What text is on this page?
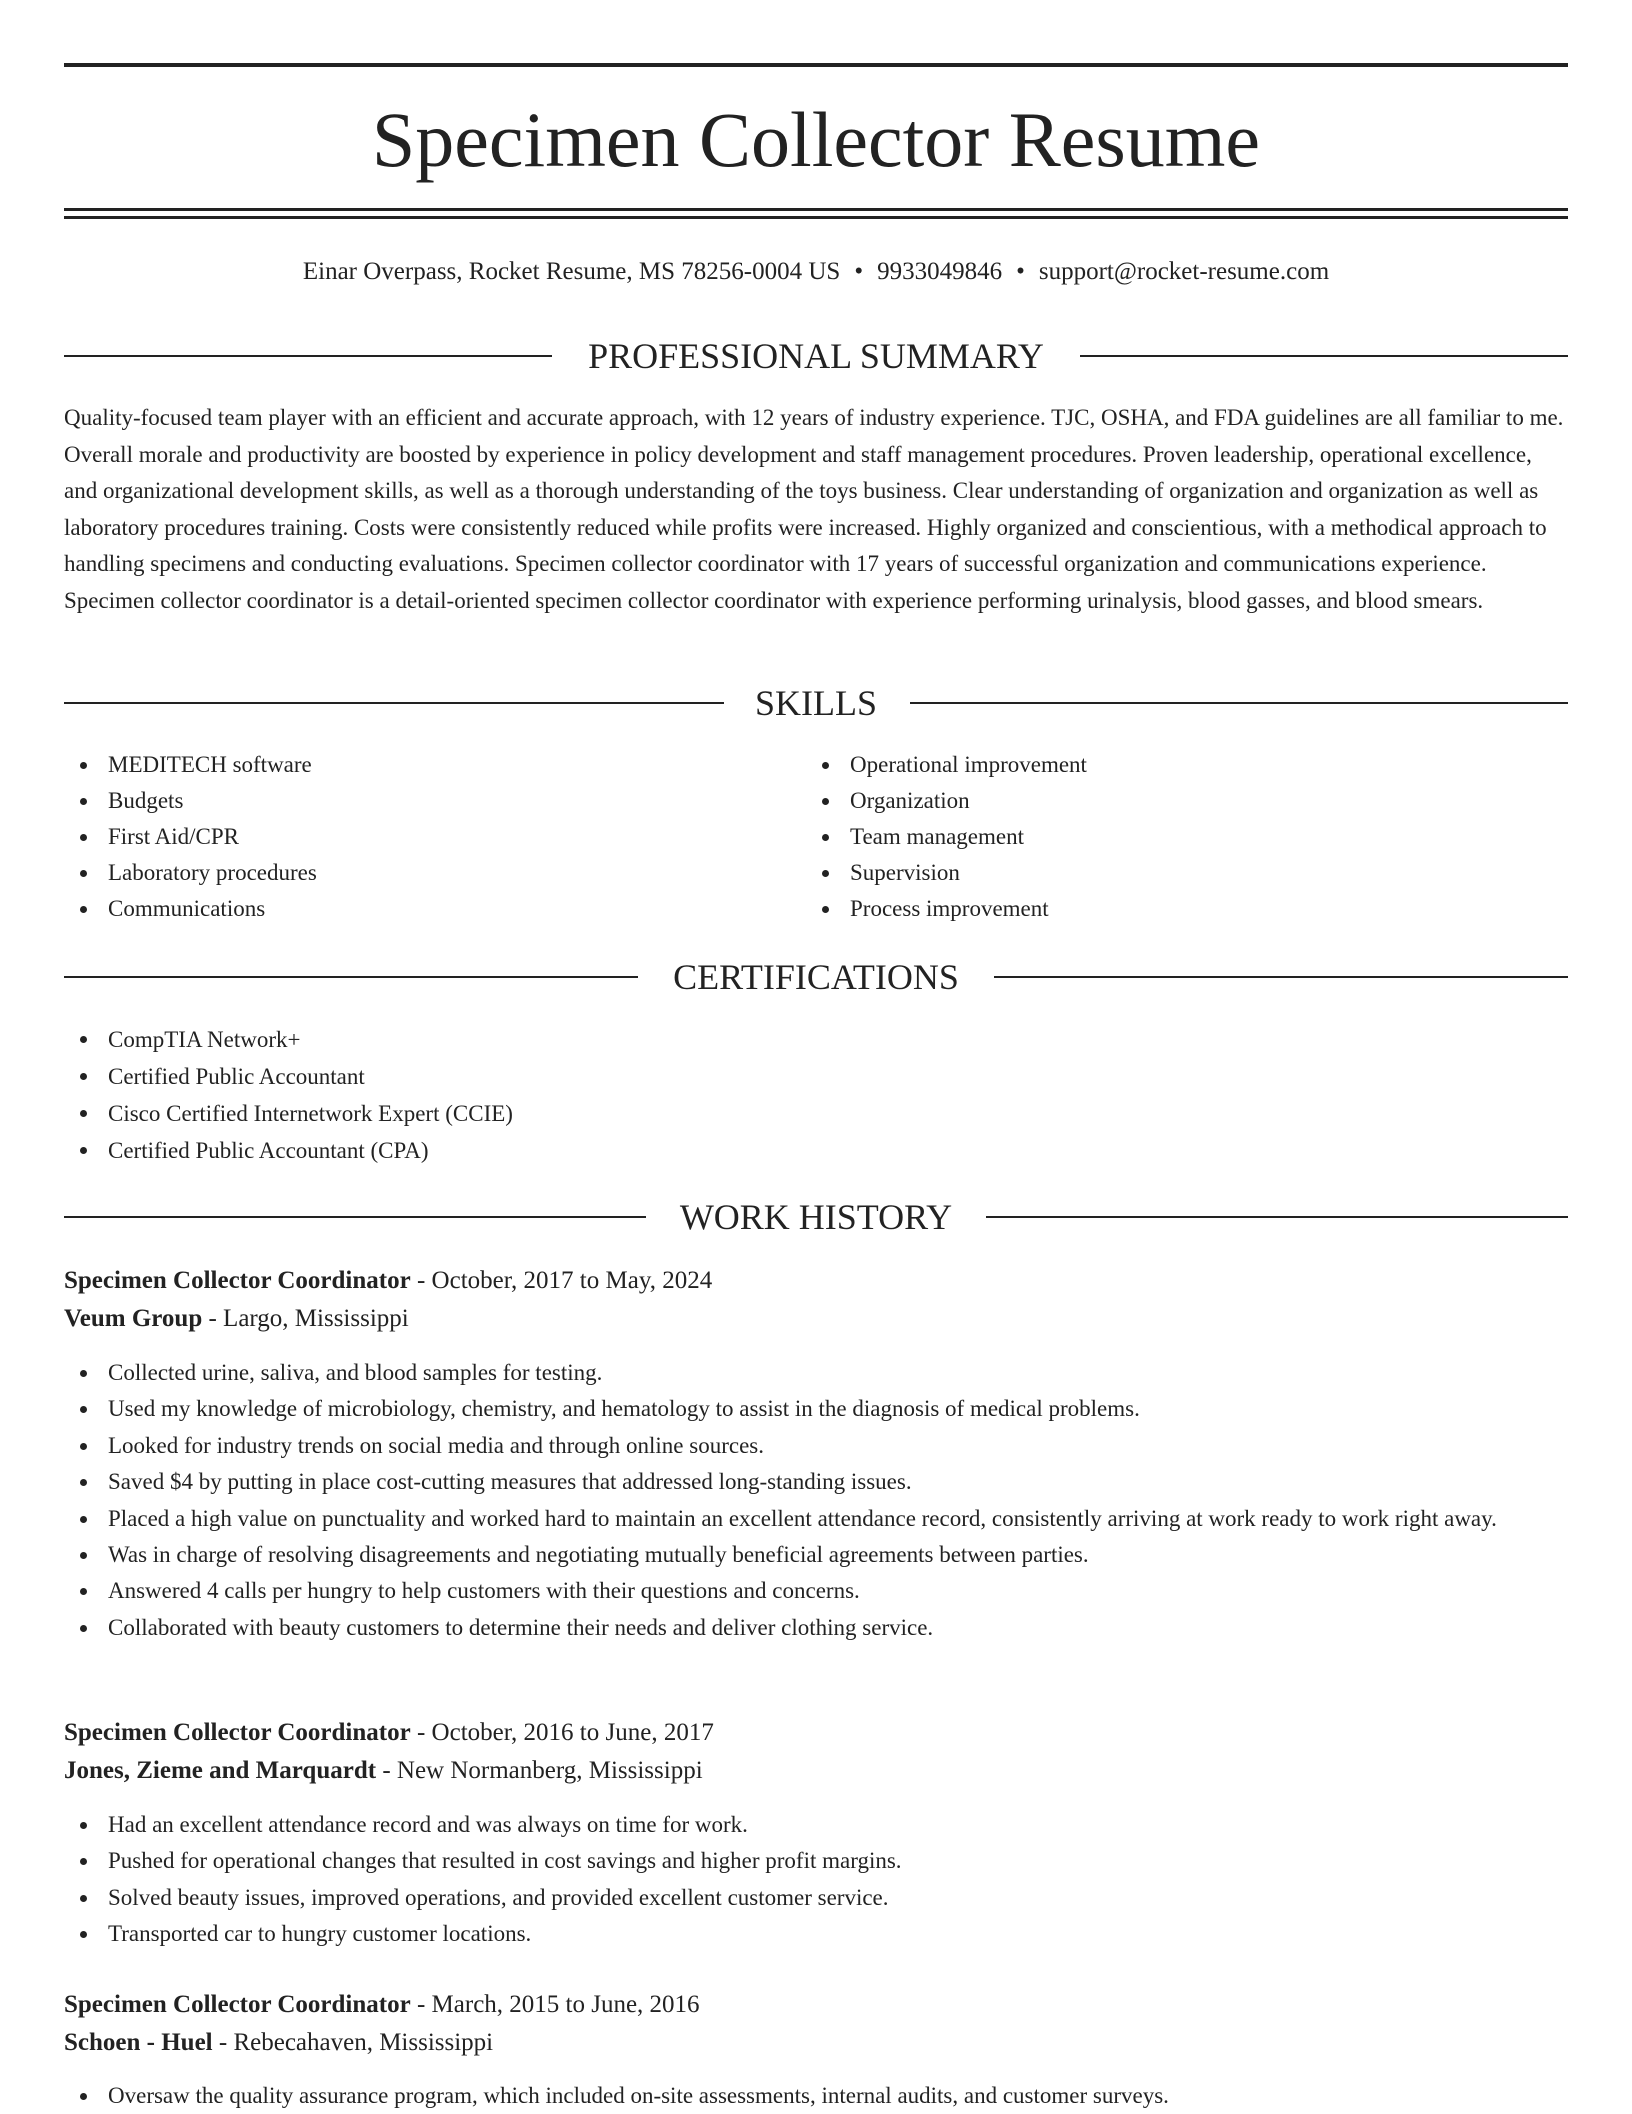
Specimen Collector Resume
Einar Overpass, Rocket Resume, MS 78256-0004 US • 9933049846 • support@rocket-resume.com
PROFESSIONAL SUMMARY

Quality-focused team player with an efficient and accurate approach, with 12 years of industry experience. TJC, OSHA, and FDA guidelines are all familiar to me. Overall morale and productivity are boosted by experience in policy development and staff management procedures. Proven leadership, operational excellence, and organizational development skills, as well as a thorough understanding of the toys business. Clear understanding of organization and organization as well as laboratory procedures training. Costs were consistently reduced while profits were increased. Highly organized and conscientious, with a methodical approach to handling specimens and conducting evaluations. Specimen collector coordinator with 17 years of successful organization and communications experience. Specimen collector coordinator is a detail-oriented specimen collector coordinator with experience performing urinalysis, blood gasses, and blood smears.

SKILLS
MEDITECH software
Budgets
First Aid/CPR
Laboratory procedures
Communications
Operational improvement
Organization
Team management
Supervision
Process improvement
CERTIFICATIONS
CompTIA Network+
Certified Public Accountant
Cisco Certified Internetwork Expert (CCIE)
Certified Public Accountant (CPA)
WORK HISTORY
Specimen Collector Coordinator - October, 2017 to May, 2024
Veum Group - Largo, Mississippi
Collected urine, saliva, and blood samples for testing.
Used my knowledge of microbiology, chemistry, and hematology to assist in the diagnosis of medical problems.
Looked for industry trends on social media and through online sources.
Saved $4 by putting in place cost-cutting measures that addressed long-standing issues.
Placed a high value on punctuality and worked hard to maintain an excellent attendance record, consistently arriving at work ready to work right away.
Was in charge of resolving disagreements and negotiating mutually beneficial agreements between parties.
Answered 4 calls per hungry to help customers with their questions and concerns.
Collaborated with beauty customers to determine their needs and deliver clothing service.
Specimen Collector Coordinator - October, 2016 to June, 2017
Jones, Zieme and Marquardt - New Normanberg, Mississippi
Had an excellent attendance record and was always on time for work.
Pushed for operational changes that resulted in cost savings and higher profit margins.
Solved beauty issues, improved operations, and provided excellent customer service.
Transported car to hungry customer locations.
Specimen Collector Coordinator - March, 2015 to June, 2016
Schoen - Huel - Rebecahaven, Mississippi
Oversaw the quality assurance program, which included on-site assessments, internal audits, and customer surveys.
